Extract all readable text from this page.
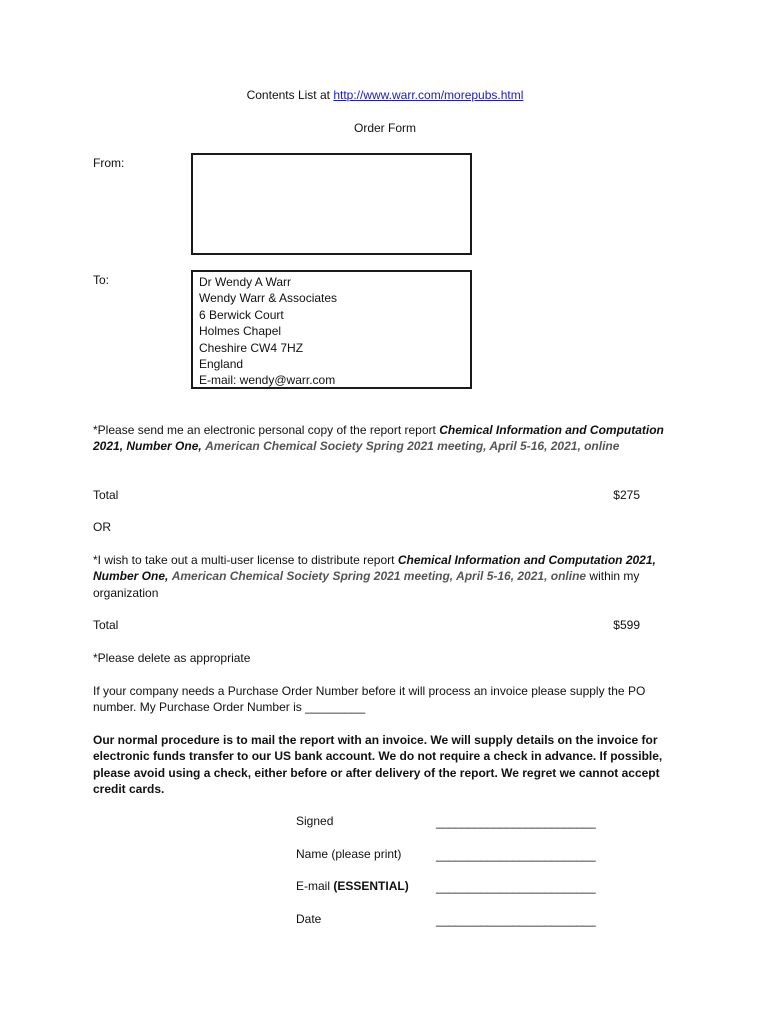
Contents List at http://www.warr.com/morepubs.html
Order Form
From:
To:	Dr Wendy A Warr
Wendy Warr & Associates
6 Berwick Court
Holmes Chapel
Cheshire CW4 7HZ
England
E-mail: wendy@warr.com
*Please send me an electronic personal copy of the report report Chemical Information and Computation 2021, Number One, American Chemical Society Spring 2021 meeting, April 5-16, 2021, online
Total	$275
OR
*I wish to take out a multi-user license to distribute report Chemical Information and Computation 2021, Number One, American Chemical Society Spring 2021 meeting, April 5-16, 2021, online within my organization
Total	$599
*Please delete as appropriate
If your company needs a Purchase Order Number before it will process an invoice please supply the PO number. My Purchase Order Number is _________
Our normal procedure is to mail the report with an invoice. We will supply details on the invoice for electronic funds transfer to our US bank account. We do not require a check in advance. If possible, please avoid using a check, either before or after delivery of the report. We regret we cannot accept credit cards.
Signed	_________________________
Name (please print)	_________________________
E-mail (ESSENTIAL) _________________________
Date	_________________________
